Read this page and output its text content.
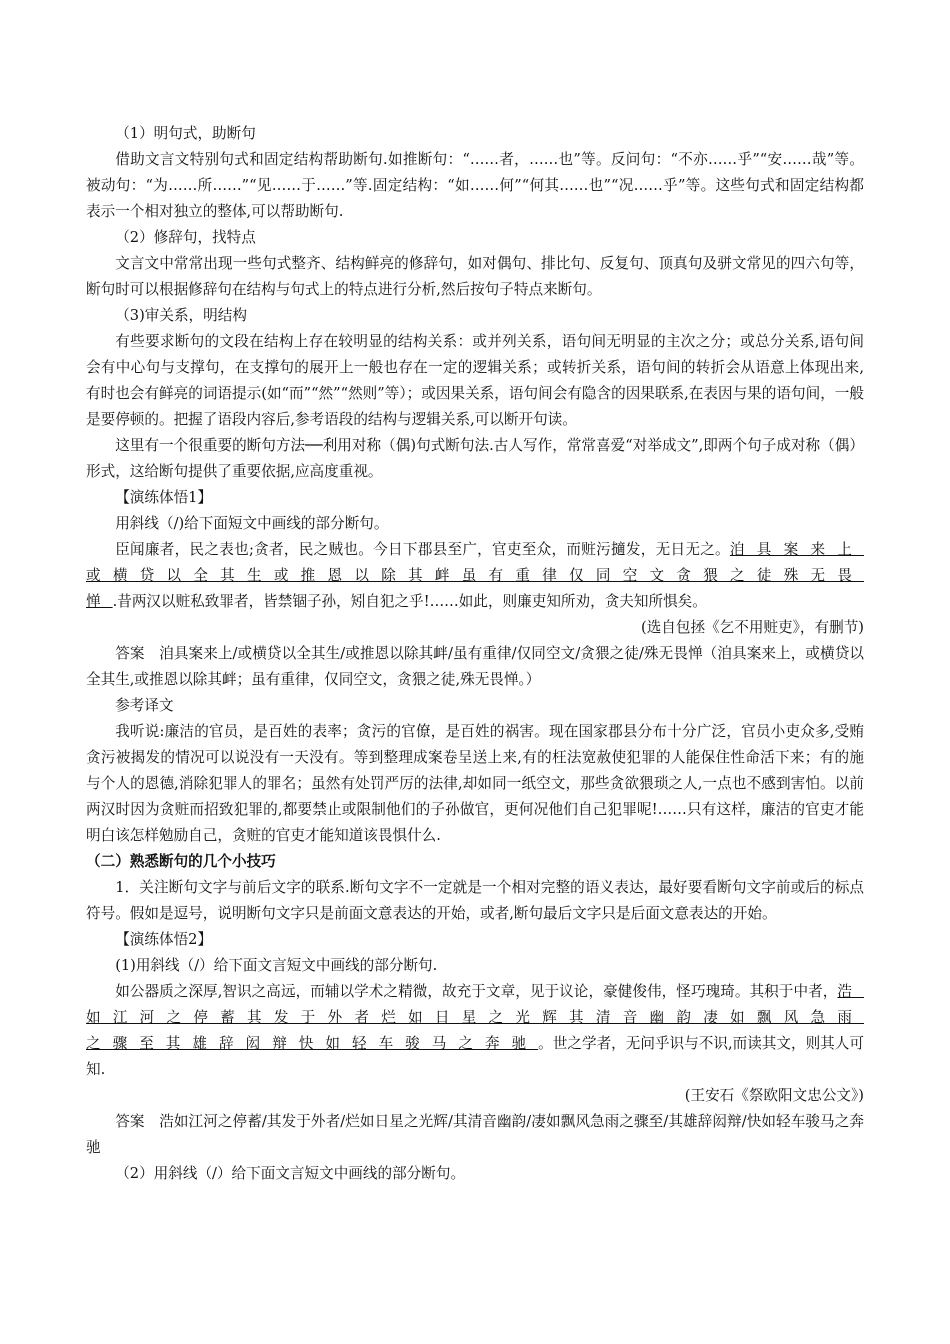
（1）明句式，助断句

借助文言文特别句式和固定结构帮助断句.如推断句：“……者，……也”等。反问句：“不亦……乎”“安……哉”等。被动句：“为……所……”“见……于……”等.固定结构：“如……何”“何其……也”“况……乎”等。这些句式和固定结构都表示一个相对独立的整体,可以帮助断句.

（2）修辞句，找特点

文言文中常常出现一些句式整齐、结构鲜亮的修辞句，如对偶句、排比句、反复句、顶真句及骈文常见的四六句等，断句时可以根据修辞句在结构与句式上的特点进行分析,然后按句子特点来断句。

（3)审关系，明结构

有些要求断句的文段在结构上存在较明显的结构关系：或并列关系，语句间无明显的主次之分；或总分关系,语句间会有中心句与支撑句，在支撑句的展开上一般也存在一定的逻辑关系；或转折关系，语句间的转折会从语意上体现出来,有时也会有鲜亮的词语提示(如“而”“然”“然则”等）；或因果关系，语句间会有隐含的因果联系,在表因与果的语句间，一般是要停顿的。把握了语段内容后,参考语段的结构与逻辑关系,可以断开句读。

这里有一个很重要的断句方法──利用对称（偶)句式断句法.古人写作，常常喜爱“对举成文”,即两个句子成对称（偶）形式，这给断句提供了重要依据,应高度重视。

【演练体悟1】

用斜线（/)给下面短文中画线的部分断句。

臣闻廉者，民之表也;贪者，民之贼也。今日下郡县至广，官吏至众，而赃污擿发，无日无之。洎具案来上或横贷以全其生或推恩以除其衅虽有重律仅同空文贪猥之徒殊无畏惮.昔两汉以赃私致罪者，皆禁锢子孙，矧自犯之乎!……如此，则廉吏知所劝，贪夫知所惧矣。

(选自包拯《乞不用赃吏》，有删节)

答案　洎具案来上/或横贷以全其生/或推恩以除其衅/虽有重律/仅同空文/贪猥之徒/殊无畏惮（洎具案来上，或横贷以全其生,或推恩以除其衅；虽有重律，仅同空文，贪猥之徒,殊无畏惮。）

参考译文

我听说:廉洁的官员，是百姓的表率；贪污的官僚，是百姓的祸害。现在国家郡县分布十分广泛，官员小吏众多,受贿贪污被揭发的情况可以说没有一天没有。等到整理成案卷呈送上来,有的枉法宽赦使犯罪的人能保住性命活下来；有的施与个人的恩德,消除犯罪人的罪名；虽然有处罚严厉的法律,却如同一纸空文，那些贪欲猥琐之人,一点也不感到害怕。以前两汉时因为贪赃而招致犯罪的,都要禁止或限制他们的子孙做官，更何况他们自己犯罪呢!……只有这样，廉洁的官吏才能明白该怎样勉励自己，贪赃的官吏才能知道该畏惧什么.

（二）熟悉断句的几个小技巧

1．关注断句文字与前后文字的联系.断句文字不一定就是一个相对完整的语义表达，最好要看断句文字前或后的标点符号。假如是逗号，说明断句文字只是前面文意表达的开始，或者,断句最后文字只是后面文意表达的开始。

【演练体悟2】

(1)用斜线（/）给下面文言短文中画线的部分断句.

如公器质之深厚,智识之高远，而辅以学术之精微，故充于文章，见于议论，豪健俊伟，怪巧瑰琦。其积于中者，浩如江河之停蓄其发于外者烂如日星之光辉其清音幽韵凄如飘风急雨之骤至其雄辞闳辩快如轻车骏马之奔驰。世之学者，无问乎识与不识,而读其文，则其人可知.

(王安石《祭欧阳文忠公文》)

答案　浩如江河之停蓄/其发于外者/烂如日星之光辉/其清音幽韵/凄如飘风急雨之骤至/其雄辞闳辩/快如轻车骏马之奔驰

（2）用斜线（/）给下面文言短文中画线的部分断句。
